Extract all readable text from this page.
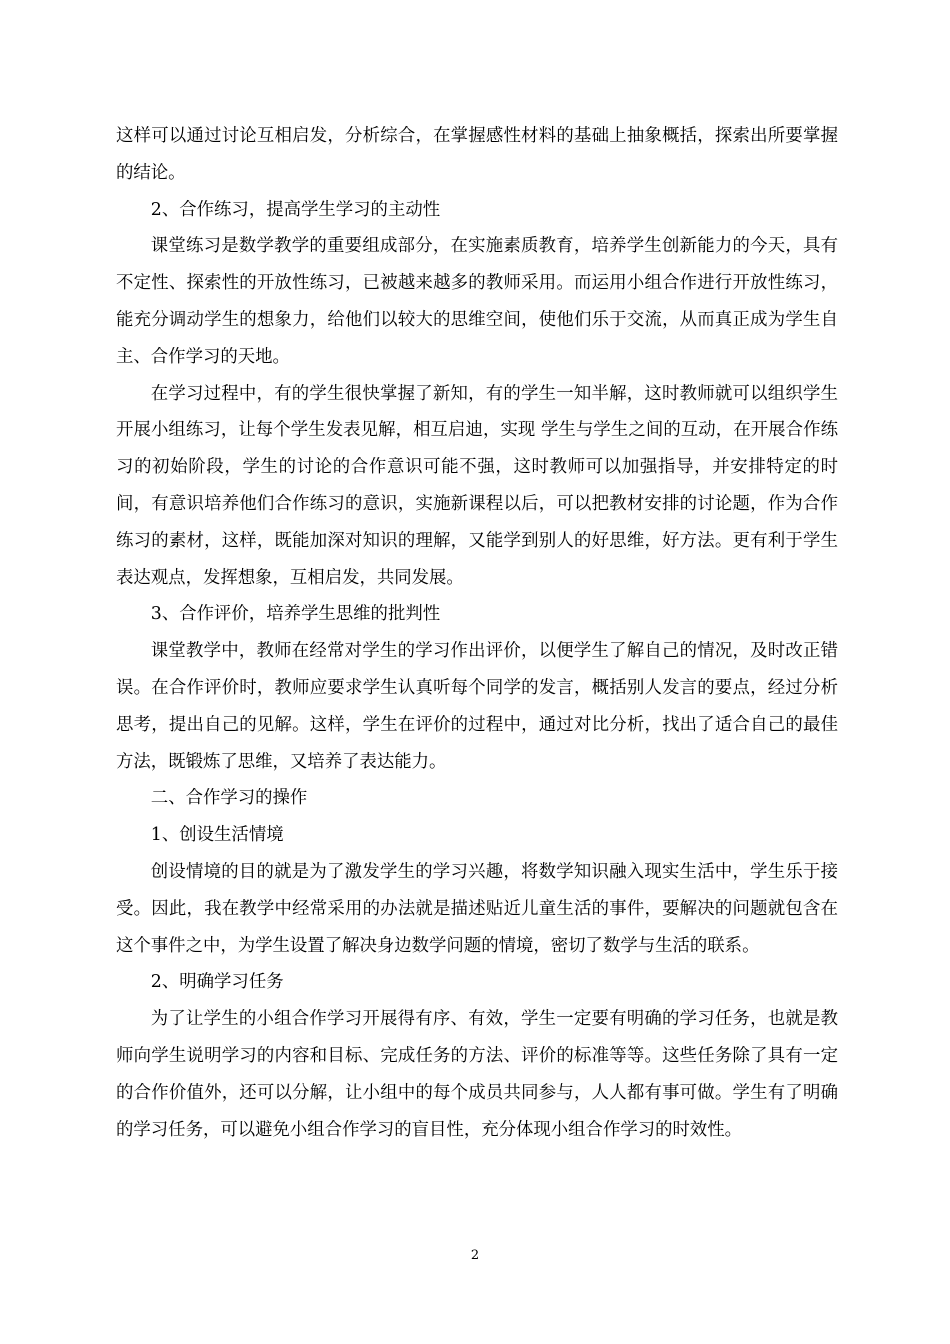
这样可以通过讨论互相启发，分析综合，在掌握感性材料的基础上抽象概括，探索出所要掌握的结论。

2、合作练习，提高学生学习的主动性

课堂练习是数学教学的重要组成部分，在实施素质教育，培养学生创新能力的今天，具有不定性、探索性的开放性练习，已被越来越多的教师采用。而运用小组合作进行开放性练习，能充分调动学生的想象力，给他们以较大的思维空间，使他们乐于交流，从而真正成为学生自主、合作学习的天地。

在学习过程中，有的学生很快掌握了新知，有的学生一知半解，这时教师就可以组织学生开展小组练习，让每个学生发表见解，相互启迪，实现 学生与学生之间的互动，在开展合作练习的初始阶段，学生的讨论的合作意识可能不强，这时教师可以加强指导，并安排特定的时间，有意识培养他们合作练习的意识，实施新课程以后，可以把教材安排的讨论题，作为合作练习的素材，这样，既能加深对知识的理解，又能学到别人的好思维，好方法。更有利于学生表达观点，发挥想象，互相启发，共同发展。

3、合作评价，培养学生思维的批判性

课堂教学中，教师在经常对学生的学习作出评价，以便学生了解自己的情况，及时改正错误。在合作评价时，教师应要求学生认真听每个同学的发言，概括别人发言的要点，经过分析思考，提出自己的见解。这样，学生在评价的过程中，通过对比分析，找出了适合自己的最佳方法，既锻炼了思维，又培养了表达能力。

二、合作学习的操作

1、创设生活情境

创设情境的目的就是为了激发学生的学习兴趣，将数学知识融入现实生活中，学生乐于接受。因此，我在教学中经常采用的办法就是描述贴近儿童生活的事件，要解决的问题就包含在这个事件之中，为学生设置了解决身边数学问题的情境，密切了数学与生活的联系。

2、明确学习任务

为了让学生的小组合作学习开展得有序、有效，学生一定要有明确的学习任务，也就是教师向学生说明学习的内容和目标、完成任务的方法、评价的标准等等。这些任务除了具有一定的合作价值外，还可以分解，让小组中的每个成员共同参与，人人都有事可做。学生有了明确的学习任务，可以避免小组合作学习的盲目性，充分体现小组合作学习的时效性。

2
